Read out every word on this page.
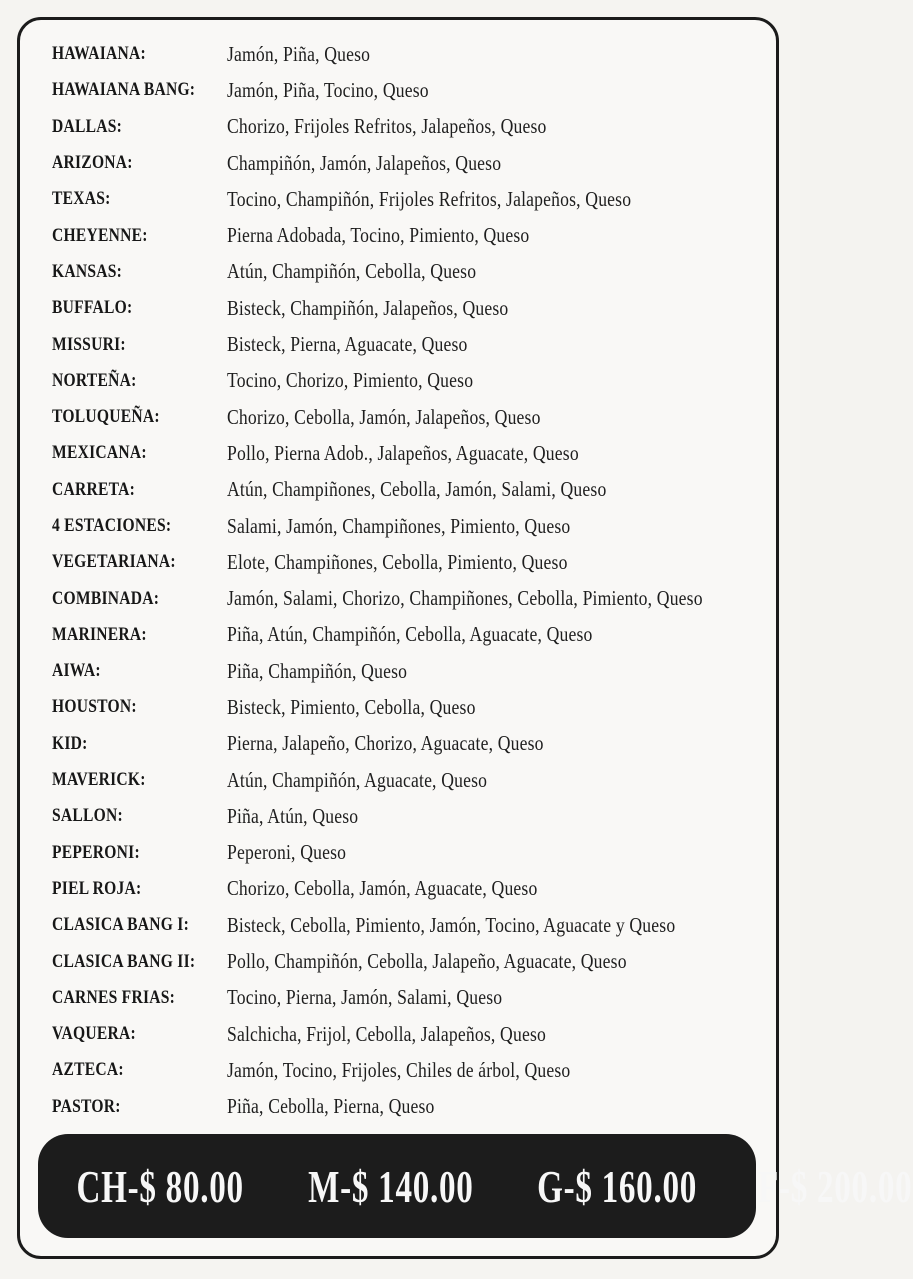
HAWAIANA:	Jamón, Piña, Queso
HAWAIANA BANG: Jamón, Piña, Tocino, Queso
DALLAS:	Chorizo, Frijoles Refritos, Jalapeños, Queso
ARIZONA:	Champiñón, Jamón, Jalapeños, Queso
TEXAS:	Tocino, Champiñón, Frijoles Refritos, Jalapeños, Queso
CHEYENNE:	Pierna Adobada, Tocino, Pimiento, Queso
KANSAS:	Atún, Champiñón, Cebolla, Queso
BUFFALO:	Bisteck, Champiñón, Jalapeños, Queso
MISSURI:	Bisteck, Pierna, Aguacate, Queso
NORTEÑA:	Tocino, Chorizo, Pimiento, Queso
TOLUQUEÑA:	Chorizo, Cebolla, Jamón, Jalapeños, Queso
MEXICANA:	Pollo, Pierna Adob., Jalapeños, Aguacate, Queso
CARRETA:	Atún, Champiñones, Cebolla, Jamón, Salami, Queso
4 ESTACIONES:	Salami, Jamón, Champiñones, Pimiento, Queso
VEGETARIANA:	Elote, Champiñones, Cebolla, Pimiento, Queso
COMBINADA:	Jamón, Salami, Chorizo, Champiñones, Cebolla, Pimiento, Queso
MARINERA:	Piña, Atún, Champiñón, Cebolla, Aguacate, Queso
AIWA:	Piña, Champiñón, Queso
HOUSTON:	Bisteck, Pimiento, Cebolla, Queso
KID:	Pierna, Jalapeño, Chorizo, Aguacate, Queso
MAVERICK:	Atún, Champiñón, Aguacate, Queso
SALLON:	Piña, Atún, Queso
PEPERONI:	Peperoni, Queso
PIEL ROJA:	Chorizo, Cebolla, Jamón, Aguacate, Queso
CLASICA BANG I:	Bisteck, Cebolla, Pimiento, Jamón, Tocino, Aguacate y Queso
CLASICA BANG II: Pollo, Champiñón, Cebolla, Jalapeño, Aguacate, Queso
CARNES FRIAS:	Tocino, Pierna, Jamón, Salami, Queso
VAQUERA:	Salchicha, Frijol, Cebolla, Jalapeños, Queso
AZTECA:	Jamón, Tocino, Frijoles, Chiles de árbol, Queso
PASTOR:	Piña, Cebolla, Pierna, Queso
CH-$ 80.00 M-$ 140.00 G-$ 160.00 F-$ 200.00
